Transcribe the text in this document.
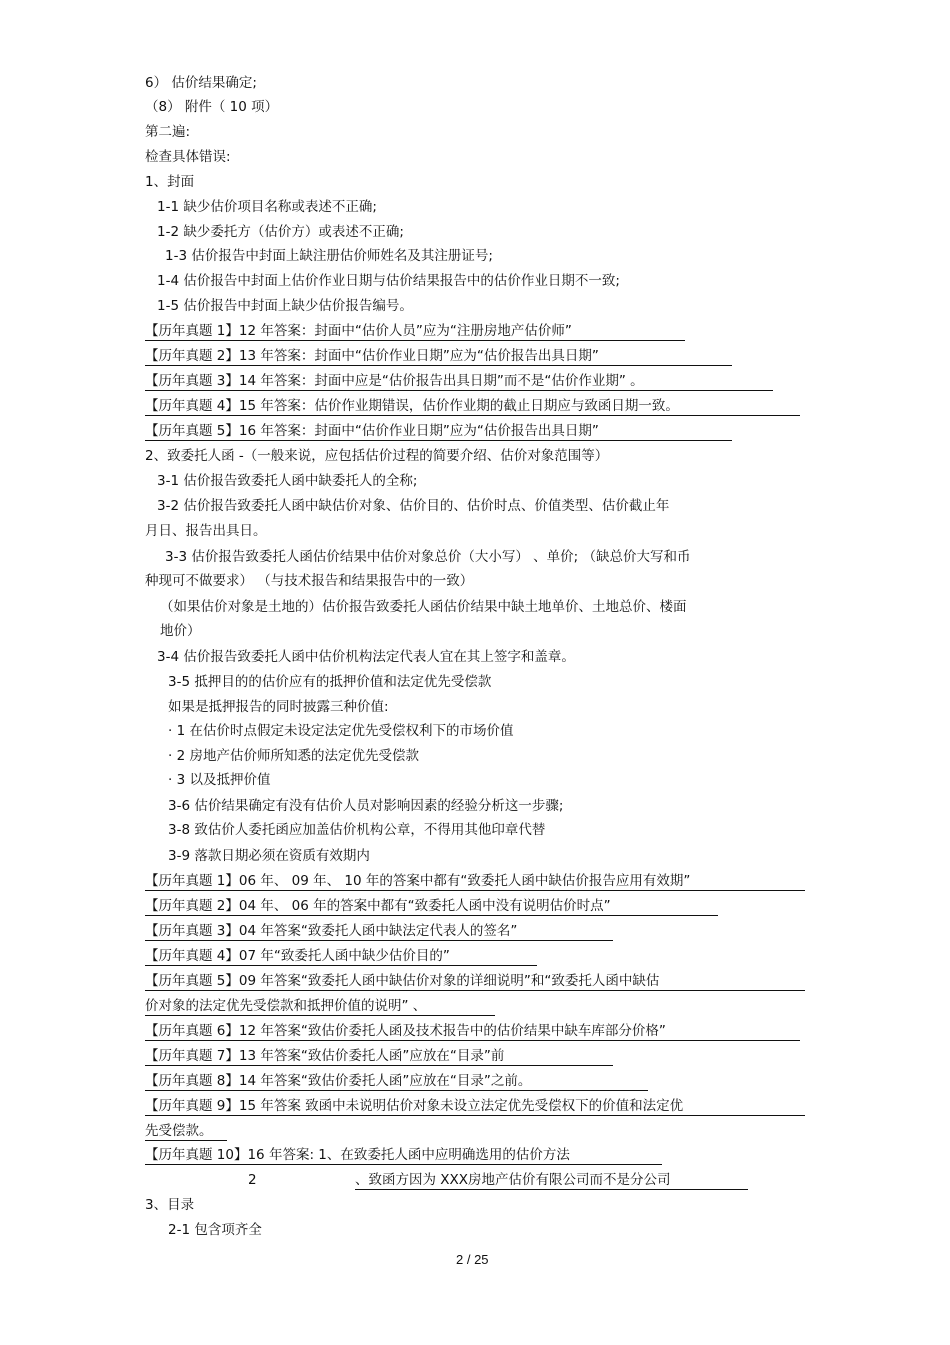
6） 估价结果确定;
（8） 附件（ 10 项）
第二遍:
检查具体错误:
1、封面
1-1 缺少估价项目名称或表述不正确;
1-2 缺少委托方（估价方）或表述不正确;
1-3 估价报告中封面上缺注册估价师姓名及其注册证号;
1-4 估价报告中封面上估价作业日期与估价结果报告中的估价作业日期不一致;
1-5 估价报告中封面上缺少估价报告编号。
【历年真题 1】12 年答案：封面中“估价人员”应为“注册房地产估价师”
【历年真题 2】13 年答案：封面中“估价作业日期”应为“估价报告出具日期”
【历年真题 3】14 年答案：封面中应是“估价报告出具日期”而不是“估价作业期” 。
【历年真题 4】15 年答案：估价作业期错误，估价作业期的截止日期应与致函日期一致。
【历年真题 5】16 年答案：封面中“估价作业日期”应为“估价报告出具日期”
2、致委托人函 -（一般来说，应包括估价过程的简要介绍、估价对象范围等）
3-1 估价报告致委托人函中缺委托人的全称;
3-2 估价报告致委托人函中缺估价对象、估价目的、估价时点、价值类型、估价截止年
月日、报告出具日。
3-3 估价报告致委托人函估价结果中估价对象总价（大小写） 、单价; （缺总价大写和币
种现可不做要求） （与技术报告和结果报告中的一致）
（如果估价对象是土地的）估价报告致委托人函估价结果中缺土地单价、土地总价、楼面
地价）
3-4 估价报告致委托人函中估价机构法定代表人宜在其上签字和盖章。
3-5 抵押目的的估价应有的抵押价值和法定优先受偿款
如果是抵押报告的同时披露三种价值:
· 1 在估价时点假定未设定法定优先受偿权利下的市场价值
· 2 房地产估价师所知悉的法定优先受偿款
· 3 以及抵押价值
3-6 估价结果确定有没有估价人员对影响因素的经验分析这一步骤;
3-8 致估价人委托函应加盖估价机构公章，不得用其他印章代替
3-9 落款日期必须在资质有效期内
【历年真题 1】06 年、 09 年、 10 年的答案中都有“致委托人函中缺估价报告应用有效期”
【历年真题 2】04 年、 06 年的答案中都有“致委托人函中没有说明估价时点”
【历年真题 3】04 年答案“致委托人函中缺法定代表人的签名”
【历年真题 4】07 年“致委托人函中缺少估价目的”
【历年真题 5】09 年答案“致委托人函中缺估价对象的详细说明”和“致委托人函中缺估
价对象的法定优先受偿款和抵押价值的说明” 、
【历年真题 6】12 年答案“致估价委托人函及技术报告中的估价结果中缺车库部分价格”
【历年真题 7】13 年答案“致估价委托人函”应放在“目录”前
【历年真题 8】14 年答案“致估价委托人函”应放在“目录”之前。
【历年真题 9】15 年答案 致函中未说明估价对象未设立法定优先受偿权下的价值和法定优
先受偿款。
【历年真题 10】16 年答案: 1、在致委托人函中应明确选用的估价方法
2	、致函方因为 XXX房地产估价有限公司而不是分公司
3、目录
2-1 包含项齐全
2 / 25
